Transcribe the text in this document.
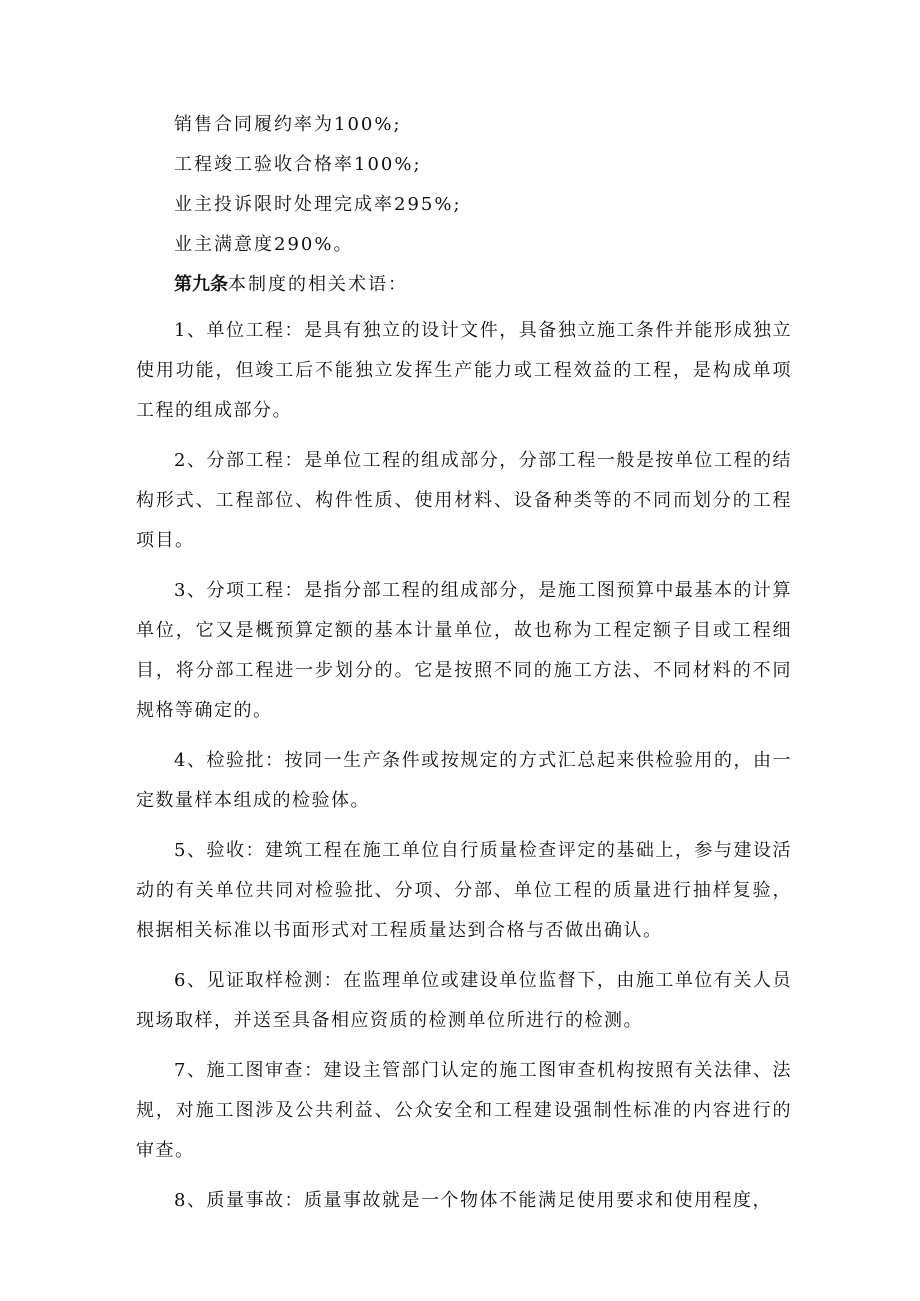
销售合同履约率为100%;

工程竣工验收合格率100%;

业主投诉限时处理完成率295%;

业主满意度290%。

第九条本制度的相关术语：

1、单位工程：是具有独立的设计文件，具备独立施工条件并能形成独立使用功能，但竣工后不能独立发挥生产能力或工程效益的工程，是构成单项工程的组成部分。

2、分部工程：是单位工程的组成部分，分部工程一般是按单位工程的结构形式、工程部位、构件性质、使用材料、设备种类等的不同而划分的工程项目。

3、分项工程：是指分部工程的组成部分，是施工图预算中最基本的计算单位，它又是概预算定额的基本计量单位，故也称为工程定额子目或工程细目，将分部工程进一步划分的。它是按照不同的施工方法、不同材料的不同规格等确定的。

4、检验批：按同一生产条件或按规定的方式汇总起来供检验用的，由一定数量样本组成的检验体。

5、验收：建筑工程在施工单位自行质量检查评定的基础上，参与建设活动的有关单位共同对检验批、分项、分部、单位工程的质量进行抽样复验，根据相关标准以书面形式对工程质量达到合格与否做出确认。

6、见证取样检测：在监理单位或建设单位监督下，由施工单位有关人员现场取样，并送至具备相应资质的检测单位所进行的检测。

7、施工图审查：建设主管部门认定的施工图审查机构按照有关法律、法规，对施工图涉及公共利益、公众安全和工程建设强制性标准的内容进行的审查。

8、质量事故：质量事故就是一个物体不能满足使用要求和使用程度，
